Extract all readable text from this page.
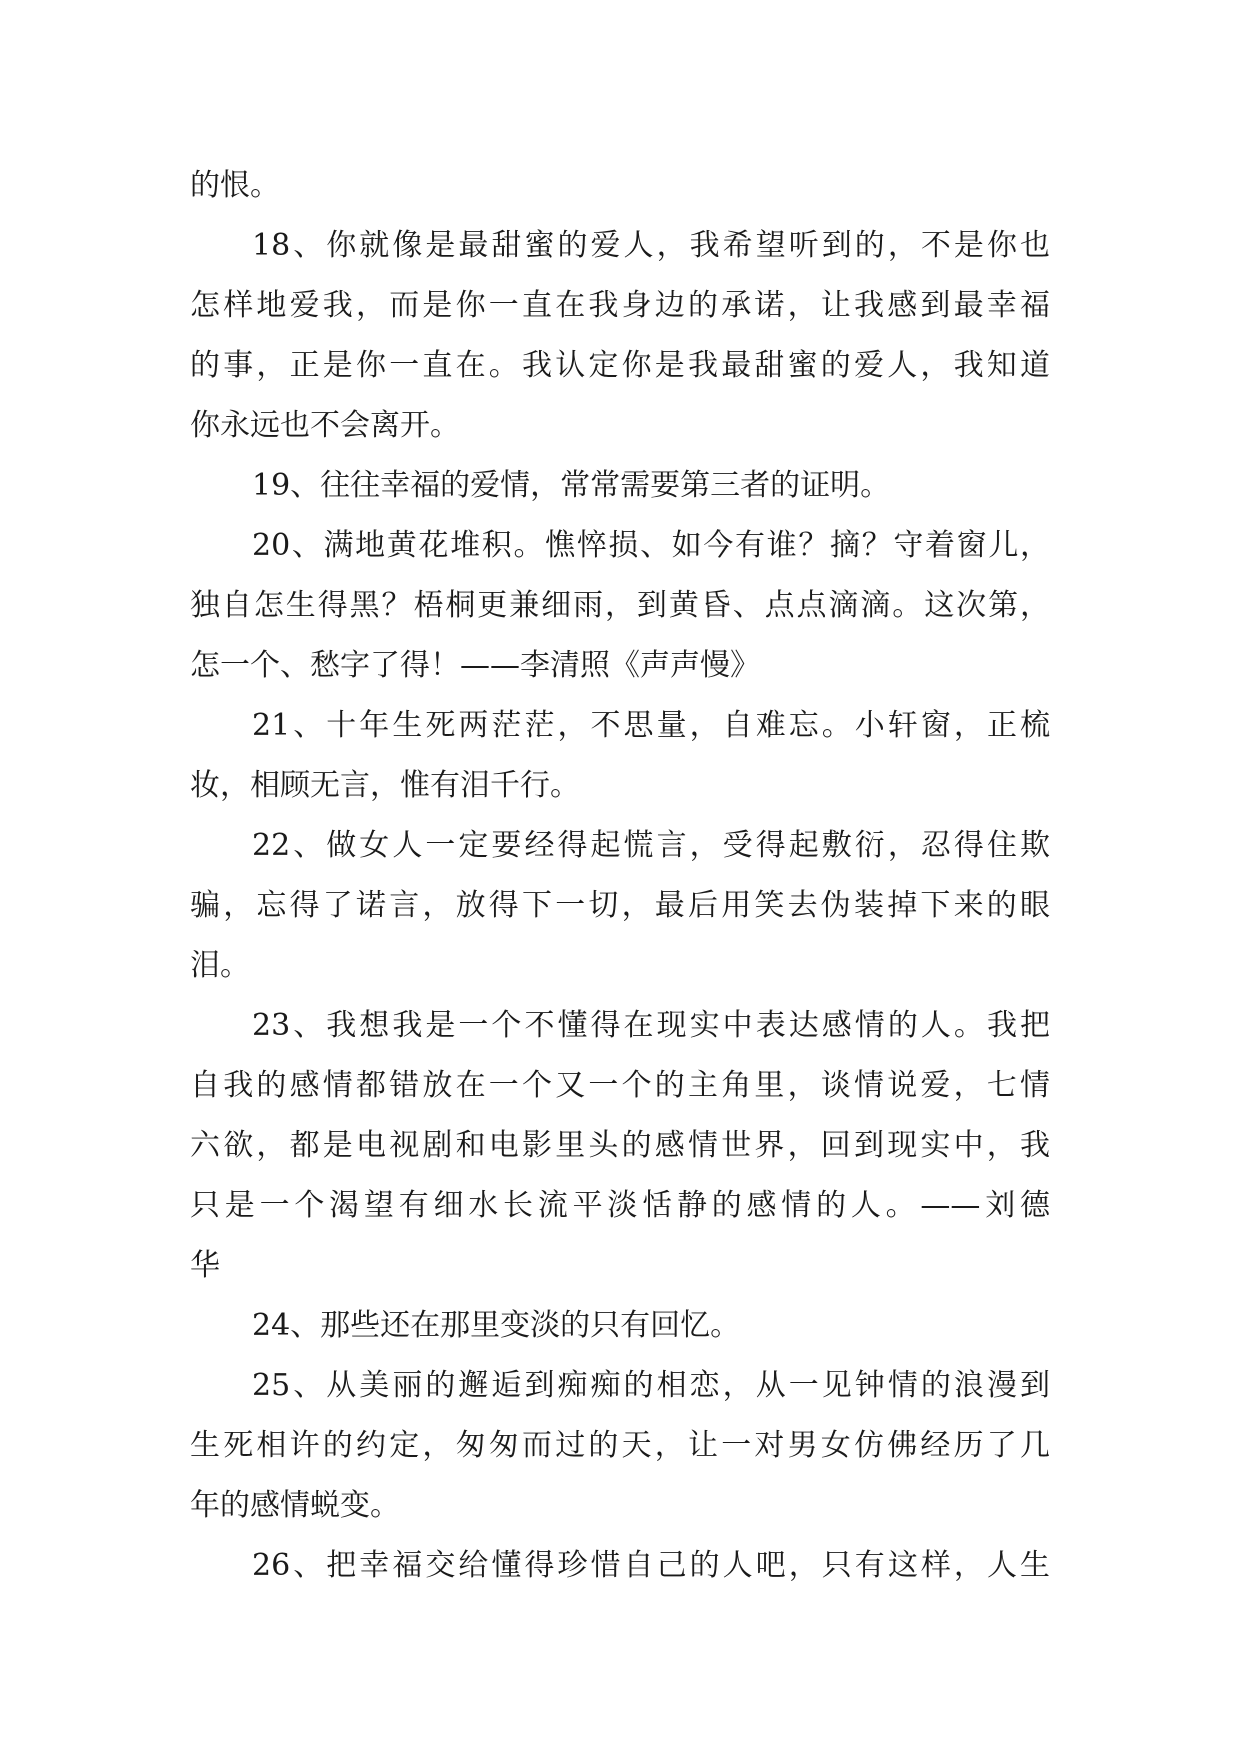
的恨。
18、你就像是最甜蜜的爱人，我希望听到的，不是你也
怎样地爱我，而是你一直在我身边的承诺，让我感到最幸福
的事，正是你一直在。我认定你是我最甜蜜的爱人，我知道
你永远也不会离开。
19、往往幸福的爱情，常常需要第三者的证明。
20、满地黄花堆积。憔悴损、如今有谁？摘？守着窗儿，
独自怎生得黑？梧桐更兼细雨，到黄昏、点点滴滴。这次第，
怎一个、愁字了得！——李清照《声声慢》
21、十年生死两茫茫，不思量，自难忘。小轩窗，正梳
妆，相顾无言，惟有泪千行。
22、做女人一定要经得起慌言，受得起敷衍，忍得住欺
骗，忘得了诺言，放得下一切，最后用笑去伪装掉下来的眼
泪。
23、我想我是一个不懂得在现实中表达感情的人。我把
自我的感情都错放在一个又一个的主角里，谈情说爱，七情
六欲，都是电视剧和电影里头的感情世界，回到现实中，我
只是一个渴望有细水长流平淡恬静的感情的人。——刘德
华
24、那些还在那里变淡的只有回忆。
25、从美丽的邂逅到痴痴的相恋，从一见钟情的浪漫到
生死相许的约定，匆匆而过的天，让一对男女仿佛经历了几
年的感情蜕变。
26、把幸福交给懂得珍惜自己的人吧，只有这样，人生
